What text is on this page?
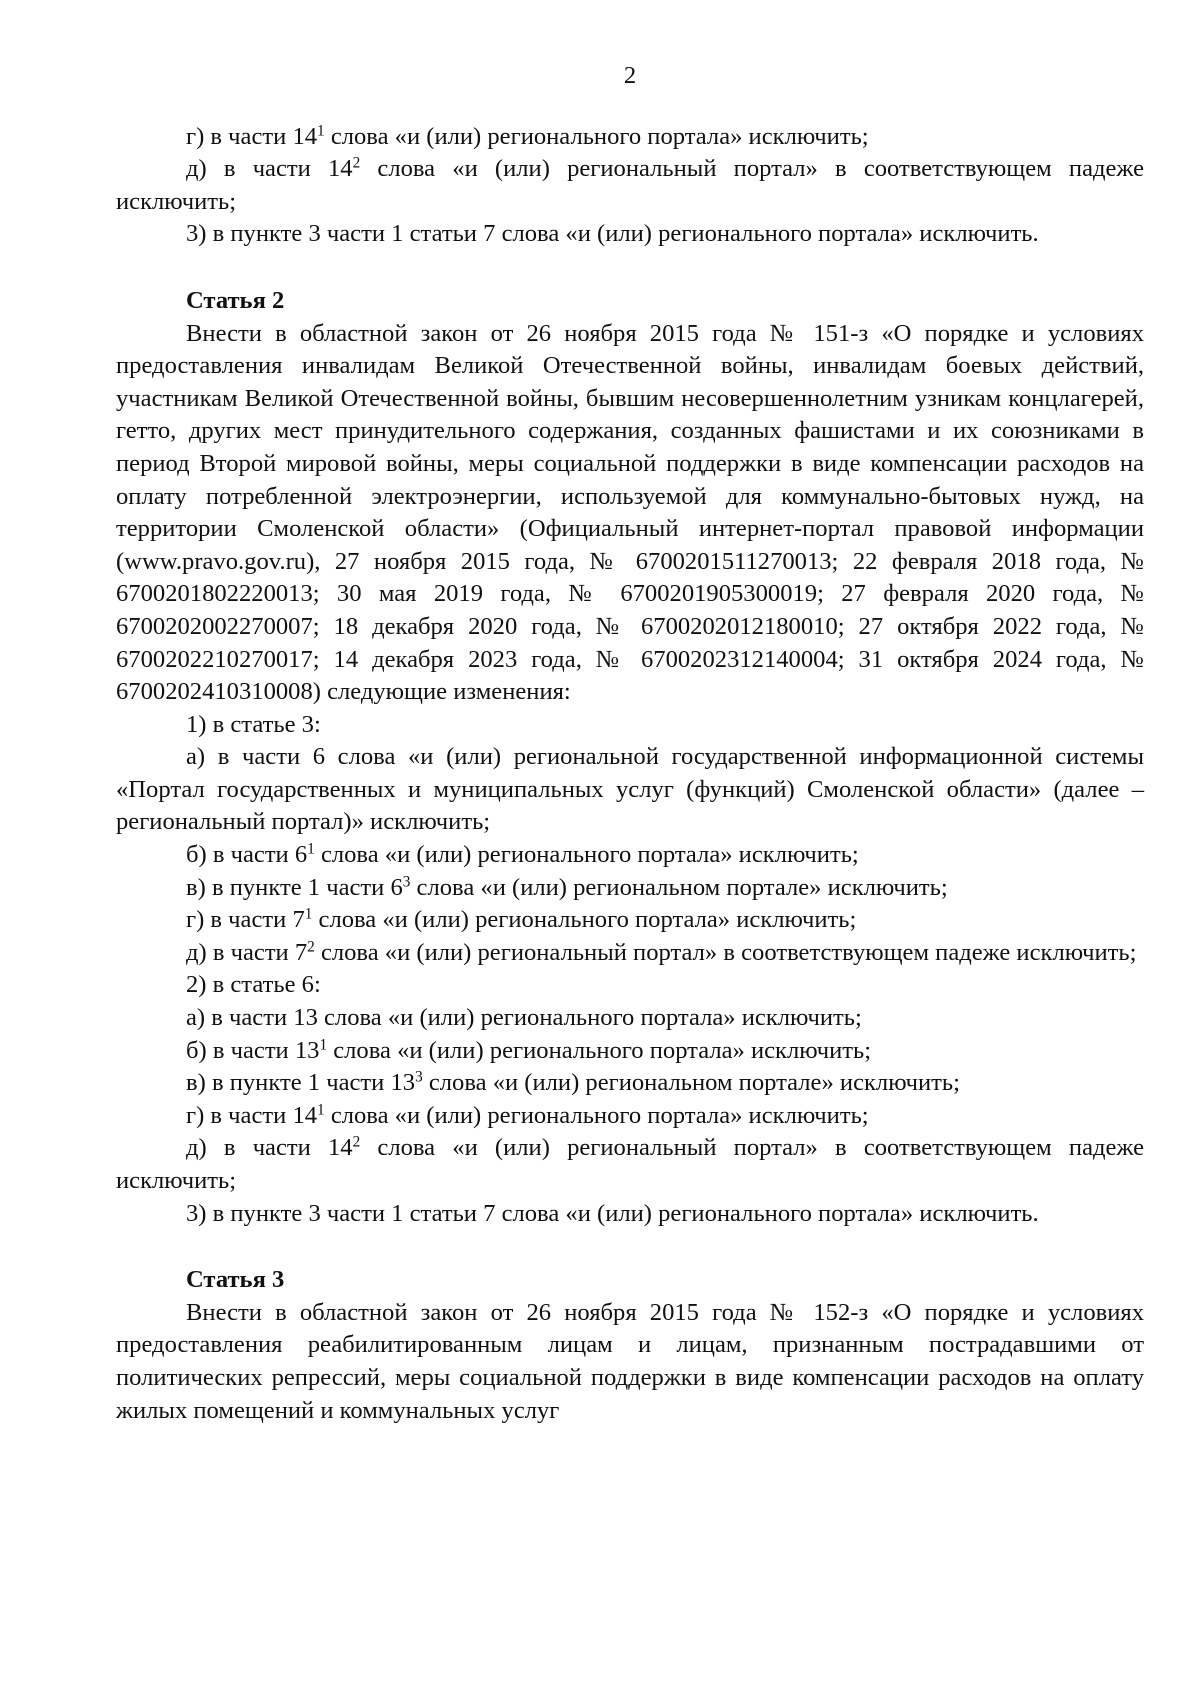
2

г) в части $14^1$ слова «и (или) регионального портала» исключить;

д) в части $14^2$ слова «и (или) региональный портал» в соответствующем падеже исключить;

3) в пункте 3 части 1 статьи 7 слова «и (или) регионального портала» исключить.

Статья 2

Внести в областной закон от 26 ноября 2015 года № 151-з «О порядке и условиях предоставления инвалидам Великой Отечественной войны, инвалидам боевых действий, участникам Великой Отечественной войны, бывшим несовершеннолетним узникам концлагерей, гетто, других мест принудительного содержания, созданных фашистами и их союзниками в период Второй мировой войны, меры социальной поддержки в виде компенсации расходов на оплату потребленной электроэнергии, используемой для коммунально-бытовых нужд, на территории Смоленской области» (Официальный интернет-портал правовой информации (www.pravo.gov.ru), 27 ноября 2015 года, № 6700201511270013; 22 февраля 2018 года, № 6700201802220013; 30 мая 2019 года, № 6700201905300019; 27 февраля 2020 года, № 6700202002270007; 18 декабря 2020 года, № 6700202012180010; 27 октября 2022 года, № 6700202210270017; 14 декабря 2023 года, № 6700202312140004; 31 октября 2024 года, № 6700202410310008) следующие изменения:

1) в статье 3:

а) в части 6 слова «и (или) региональной государственной информационной системы «Портал государственных и муниципальных услуг (функций) Смоленской области» (далее – региональный портал)» исключить;

б) в части $6^1$ слова «и (или) регионального портала» исключить;

в) в пункте 1 части $6^3$ слова «и (или) региональном портале» исключить;

г) в части $7^1$ слова «и (или) регионального портала» исключить;

д) в части $7^2$ слова «и (или) региональный портал» в соответствующем падеже исключить;

2) в статье 6:

а) в части 13 слова «и (или) регионального портала» исключить;

б) в части $13^1$ слова «и (или) регионального портала» исключить;

в) в пункте 1 части $13^3$ слова «и (или) региональном портале» исключить;

г) в части $14^1$ слова «и (или) регионального портала» исключить;

д) в части $14^2$ слова «и (или) региональный портал» в соответствующем падеже исключить;

3) в пункте 3 части 1 статьи 7 слова «и (или) регионального портала» исключить.

Статья 3

Внести в областной закон от 26 ноября 2015 года № 152-з «О порядке и условиях предоставления реабилитированным лицам и лицам, признанным пострадавшими от политических репрессий, меры социальной поддержки в виде компенсации расходов на оплату жилых помещений и коммунальных услуг
